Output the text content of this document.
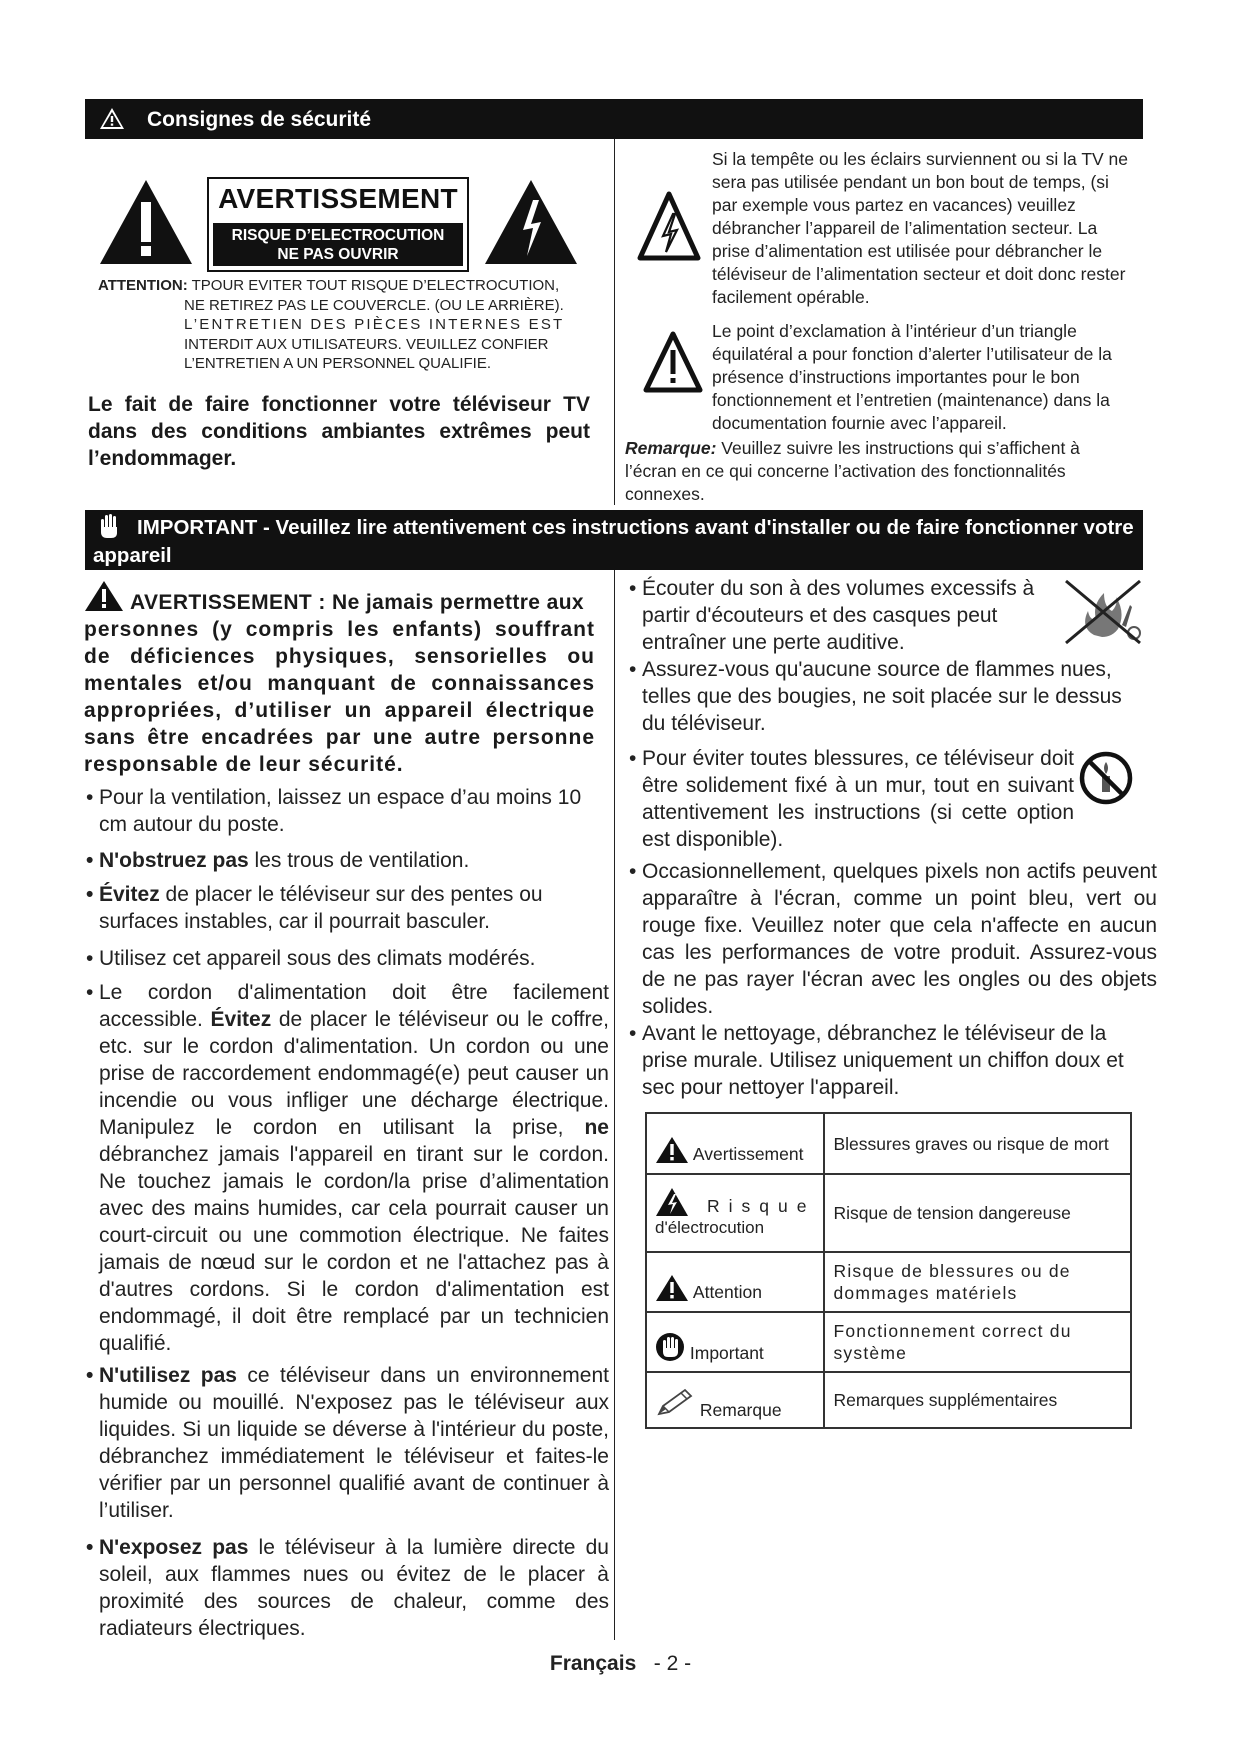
Consignes de sécurité
AVERTISSEMENT
RISQUE D’ELECTROCUTION
NE PAS OUVRIR
ATTENTION: TPOUR EVITER TOUT RISQUE D’ELECTROCUTION,
NE RETIREZ PAS LE COUVERCLE. (OU LE ARRIÈRE).
L’ENTRETIEN DES PIÈCES INTERNES EST
INTERDIT AUX UTILISATEURS. VEUILLEZ CONFIER
L’ENTRETIEN A UN PERSONNEL QUALIFIE.
Le fait de faire fonctionner votre téléviseur TV dans des conditions ambiantes extrêmes peut l’endommager.
Si la tempête ou les éclairs surviennent ou si la TV ne sera pas utilisée pendant un bon bout de temps, (si par exemple vous partez en vacances) veuillez débrancher l’appareil de l’alimentation secteur. La prise d’alimentation est utilisée pour débrancher le téléviseur de l’alimentation secteur et doit donc rester facilement opérable.
Le point d’exclamation à l’intérieur d’un triangle équilatéral a pour fonction d’alerter l’utilisateur de la présence d’instructions importantes pour le bon fonctionnement et l’entretien (maintenance) dans la documentation fournie avec l’appareil.
Remarque: Veuillez suivre les instructions qui s’affichent à l’écran en ce qui concerne l’activation des fonctionnalités connexes.
IMPORTANT - Veuillez lire attentivement ces instructions avant d'installer ou de faire fonctionner votre appareil
AVERTISSEMENT : Ne jamais permettre aux
personnes (y compris les enfants) souffrant de déficiences physiques, sensorielles ou mentales et/ou manquant de connaissances appropriées, d’utiliser un appareil électrique sans être encadrées par une autre personne responsable de leur sécurité.
• Pour la ventilation, laissez un espace d’au moins 10 cm autour du poste.
• N'obstruez pas les trous de ventilation.
• Évitez de placer le téléviseur sur des pentes ou surfaces instables, car il pourrait basculer.
• Utilisez cet appareil sous des climats modérés.
• Le cordon d'alimentation doit être facilement accessible. Évitez de placer le téléviseur ou le coffre, etc. sur le cordon d'alimentation. Un cordon ou une prise de raccordement endommagé(e) peut causer un incendie ou vous infliger une décharge électrique. Manipulez le cordon en utilisant la prise, ne débranchez jamais l'appareil en tirant sur le cordon. Ne touchez jamais le cordon/la prise d’alimentation avec des mains humides, car cela pourrait causer un court-circuit ou une commotion électrique. Ne faites jamais de nœud sur le cordon et ne l'attachez pas à d'autres cordons. Si le cordon d'alimentation est endommagé, il doit être remplacé par un technicien qualifié.
• N'utilisez pas ce téléviseur dans un environnement humide ou mouillé. N'exposez pas le téléviseur aux liquides. Si un liquide se déverse à l'intérieur du poste, débranchez immédiatement le téléviseur et faites-le vérifier par un personnel qualifié avant de continuer à l’utiliser.
• N'exposez pas le téléviseur à la lumière directe du soleil, aux flammes nues ou évitez de le placer à proximité des sources de chaleur, comme des radiateurs électriques.
• Écouter du son à des volumes excessifs à partir d'écouteurs et des casques peut entraîner une perte auditive.
• Assurez-vous qu'aucune source de flammes nues, telles que des bougies, ne soit placée sur le dessus du téléviseur.
• Pour éviter toutes blessures, ce téléviseur doit être solidement fixé à un mur, tout en suivant attentivement les instructions (si cette option est disponible).
• Occasionnellement, quelques pixels non actifs peuvent apparaître à l'écran, comme un point bleu, vert ou rouge fixe. Veuillez noter que cela n'affecte en aucun cas les performances de votre produit. Assurez-vous de ne pas rayer l'écran avec les ongles ou des objets solides.
• Avant le nettoyage, débranchez le téléviseur de la prise murale. Utilisez uniquement un chiffon doux et sec pour nettoyer l'appareil.
Avertissement	Blessures graves ou risque de mort

Risque
d'électrocution	Risque de tension dangereuse
Attention	Risque de blessures ou de dommages matériels
Important	Fonctionnement correct du système
Remarque	Remarques supplémentaires
Français - 2 -
